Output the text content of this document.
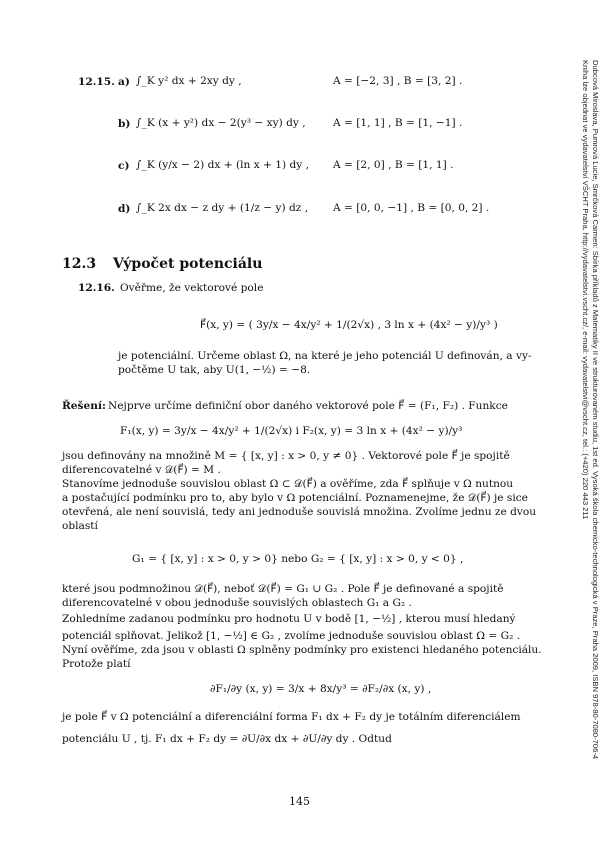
Dubcová Miroslava, Pumrová Lucie, Smrčková Carmen: Sbírka příkladů z Matematiky II ve strukturovaném studiu, 1st ed. Vysoká škola chemicko-technologická v Praze, Praha 2009, ISBN 978-80-7080-706-4
Kniha lze objednat ve vydavatelství VŠCHT Praha, http://vydavatelstvi.vscht.cz/, e-mail: vydavatelstvi@vscht.cz, tel.: (+420) 220 443 211
12.15. a) ∫_K y² dx + 2xy dy ,	A = [−2, 3] , B = [3, 2] .
b) ∫_K (x + y²) dx − 2(y³ − xy) dy ,	A = [1, 1] , B = [1, −1] .
c) ∫_K (y/x − 2) dx + (ln x + 1) dy , A = [2, 0] , B = [1, 1] .
d) ∫_K 2x dx − z dy + (1/z − y) dz , A = [0, 0, −1] , B = [0, 0, 2] .
12.3 Výpočet potenciálu
12.16. Ověřme, že vektorové pole
F⃗(x, y) = ( 3y/x − 4x/y² + 1/(2√x) , 3 ln x + (4x² − y)/y³ )
je potenciální. Určeme oblast Ω, na které je jeho potenciál U definován, a vy-
počtěme U tak, aby U(1, −½) = −8.
Řešení: Nejprve určíme definiční obor daného vektorové pole F⃗ = (F₁, F₂) . Funkce
F₁(x, y) = 3y/x − 4x/y² + 1/(2√x) i F₂(x, y) = 3 ln x + (4x² − y)/y³
jsou definovány na množině M = { [x, y] : x > 0, y ≠ 0} . Vektorové pole F⃗ je spojitě
diferencovatelné v 𝒟(F⃗) = M .
Stanovíme jednoduše souvislou oblast Ω ⊂ 𝒟(F⃗) a ověříme, zda F⃗ splňuje v Ω nutnou
a postačující podmínku pro to, aby bylo v Ω potenciální. Poznamenejme, že 𝒟(F⃗) je sice
otevřená, ale není souvislá, tedy ani jednoduše souvislá množina. Zvolíme jednu ze dvou
oblastí
G₁ = { [x, y] : x > 0, y > 0} nebo G₂ = { [x, y] : x > 0, y < 0} ,
které jsou podmnožinou 𝒟(F⃗), neboť 𝒟(F⃗) = G₁ ∪ G₂ . Pole F⃗ je definované a spojitě
diferencovatelné v obou jednoduše souvislých oblastech G₁ a G₂ .
Zohledníme zadanou podmínku pro hodnotu U v bodě [1, −½] , kterou musí hledaný
potenciál splňovat. Jelikož [1, −½] ∈ G₂ , zvolíme jednoduše souvislou oblast Ω = G₂ .
Nyní ověříme, zda jsou v oblasti Ω splněny podmínky pro existenci hledaného potenciálu.
Protože platí
∂F₁/∂y (x, y) = 3/x + 8x/y³ = ∂F₂/∂x (x, y) ,
je pole F⃗ v Ω potenciální a diferenciální forma F₁ dx + F₂ dy je totálním diferenciálem
potenciálu U , tj. F₁ dx + F₂ dy = ∂U/∂x dx + ∂U/∂y dy . Odtud
145
